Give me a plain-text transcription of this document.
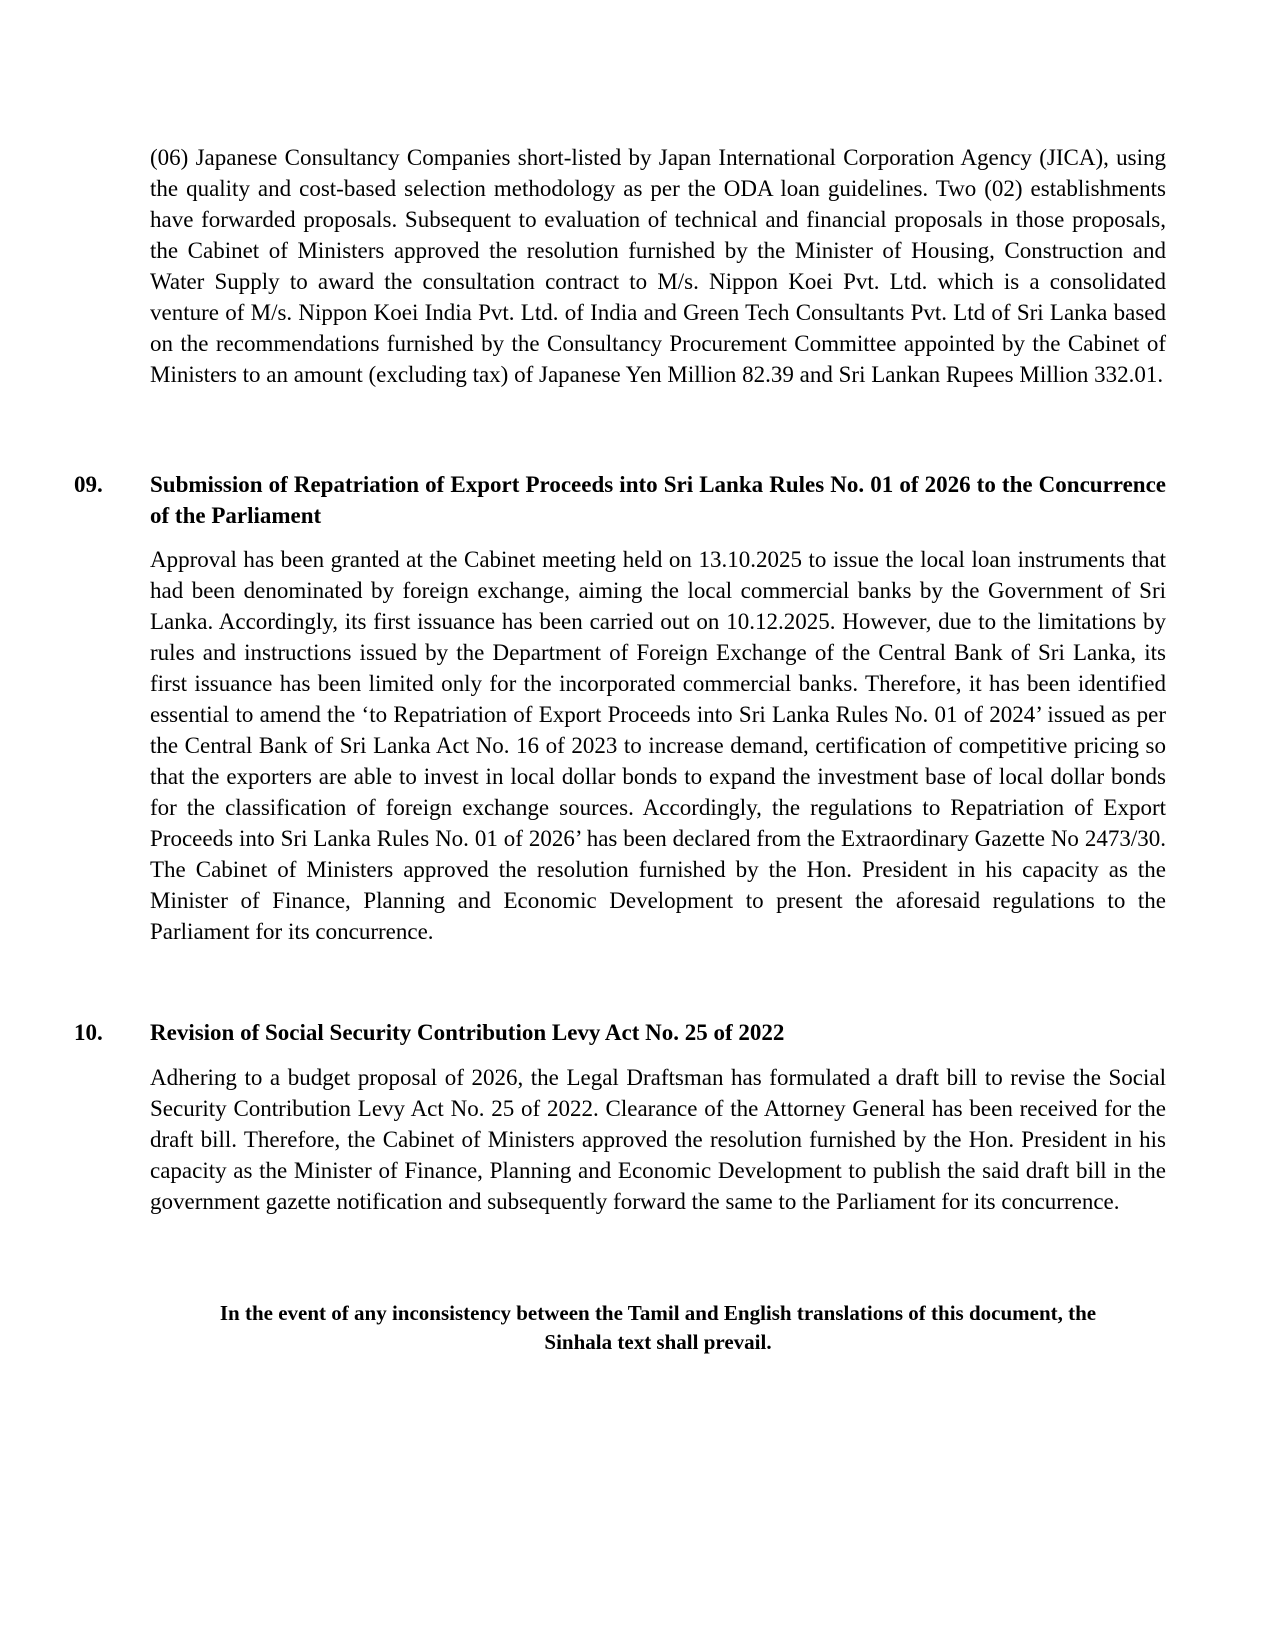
(06) Japanese Consultancy Companies short-listed by Japan International Corporation Agency (JICA), using the quality and cost-based selection methodology as per the ODA loan guidelines. Two (02) establishments have forwarded proposals. Subsequent to evaluation of technical and financial proposals in those proposals, the Cabinet of Ministers approved the resolution furnished by the Minister of Housing, Construction and Water Supply to award the consultation contract to M/s. Nippon Koei Pvt. Ltd. which is a consolidated venture of M/s. Nippon Koei India Pvt. Ltd. of India and Green Tech Consultants Pvt. Ltd of Sri Lanka based on the recommendations furnished by the Consultancy Procurement Committee appointed by the Cabinet of Ministers to an amount (excluding tax) of Japanese Yen Million 82.39 and Sri Lankan Rupees Million 332.01.

09. Submission of Repatriation of Export Proceeds into Sri Lanka Rules No. 01 of 2026 to the Concurrence of the Parliament

Approval has been granted at the Cabinet meeting held on 13.10.2025 to issue the local loan instruments that had been denominated by foreign exchange, aiming the local commercial banks by the Government of Sri Lanka. Accordingly, its first issuance has been carried out on 10.12.2025. However, due to the limitations by rules and instructions issued by the Department of Foreign Exchange of the Central Bank of Sri Lanka, its first issuance has been limited only for the incorporated commercial banks. Therefore, it has been identified essential to amend the ‘to Repatriation of Export Proceeds into Sri Lanka Rules No. 01 of 2024’ issued as per the Central Bank of Sri Lanka Act No. 16 of 2023 to increase demand, certification of competitive pricing so that the exporters are able to invest in local dollar bonds to expand the investment base of local dollar bonds for the classification of foreign exchange sources. Accordingly, the regulations to Repatriation of Export Proceeds into Sri Lanka Rules No. 01 of 2026’ has been declared from the Extraordinary Gazette No 2473/30. The Cabinet of Ministers approved the resolution furnished by the Hon. President in his capacity as the Minister of Finance, Planning and Economic Development to present the aforesaid regulations to the Parliament for its concurrence.

10. Revision of Social Security Contribution Levy Act No. 25 of 2022

Adhering to a budget proposal of 2026, the Legal Draftsman has formulated a draft bill to revise the Social Security Contribution Levy Act No. 25 of 2022. Clearance of the Attorney General has been received for the draft bill. Therefore, the Cabinet of Ministers approved the resolution furnished by the Hon. President in his capacity as the Minister of Finance, Planning and Economic Development to publish the said draft bill in the government gazette notification and subsequently forward the same to the Parliament for its concurrence.

In the event of any inconsistency between the Tamil and English translations of this document, the

Sinhala text shall prevail.
